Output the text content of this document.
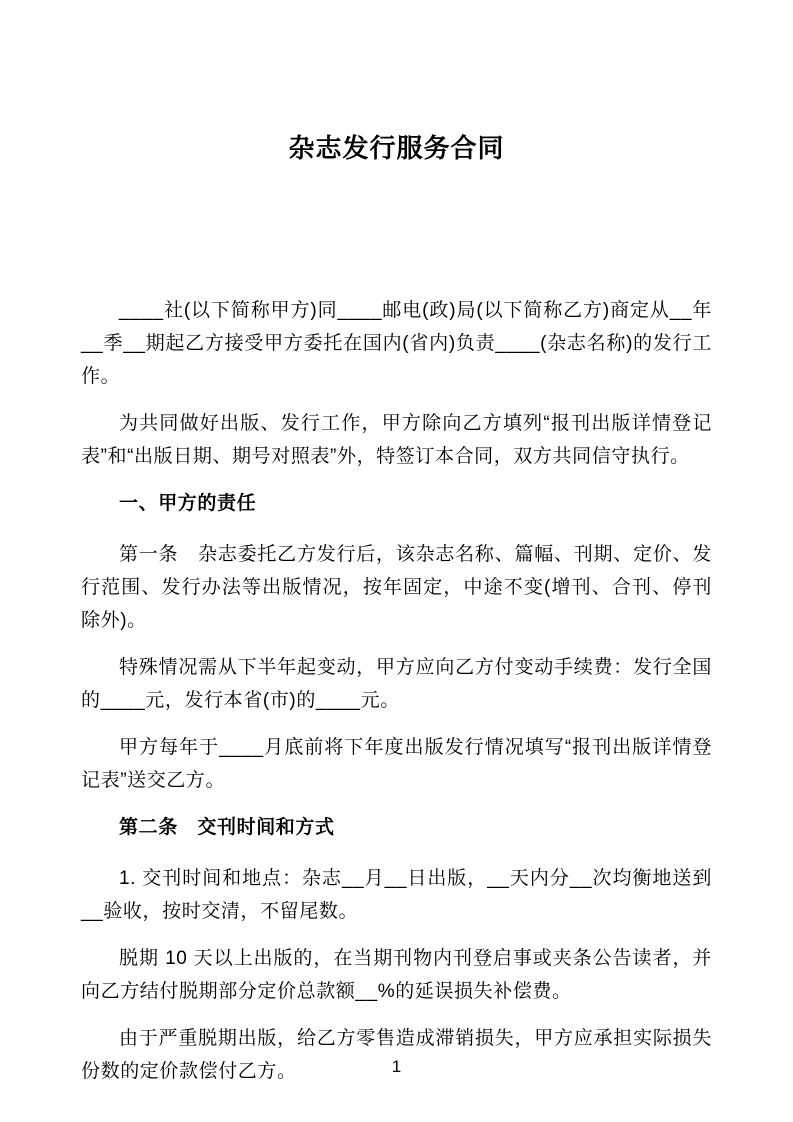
杂志发行服务合同

____社(以下简称甲方)同____邮电(政)局(以下简称乙方)商定从__年__季__期起乙方接受甲方委托在国内(省内)负责____(杂志名称)的发行工作。

为共同做好出版、发行工作，甲方除向乙方填列“报刊出版详情登记表”和“出版日期、期号对照表”外，特签订本合同，双方共同信守执行。

一、甲方的责任

第一条　杂志委托乙方发行后，该杂志名称、篇幅、刊期、定价、发行范围、发行办法等出版情况，按年固定，中途不变(增刊、合刊、停刊除外)。

特殊情况需从下半年起变动，甲方应向乙方付变动手续费：发行全国的____元，发行本省(市)的____元。

甲方每年于____月底前将下年度出版发行情况填写“报刊出版详情登记表”送交乙方。

第二条　交刊时间和方式

1. 交刊时间和地点：杂志__月__日出版，__天内分__次均衡地送到__验收，按时交清，不留尾数。

脱期 10 天以上出版的，在当期刊物内刊登启事或夹条公告读者，并向乙方结付脱期部分定价总款额__%的延误损失补偿费。

由于严重脱期出版，给乙方零售造成滞销损失，甲方应承担实际损失份数的定价款偿付乙方。	1
